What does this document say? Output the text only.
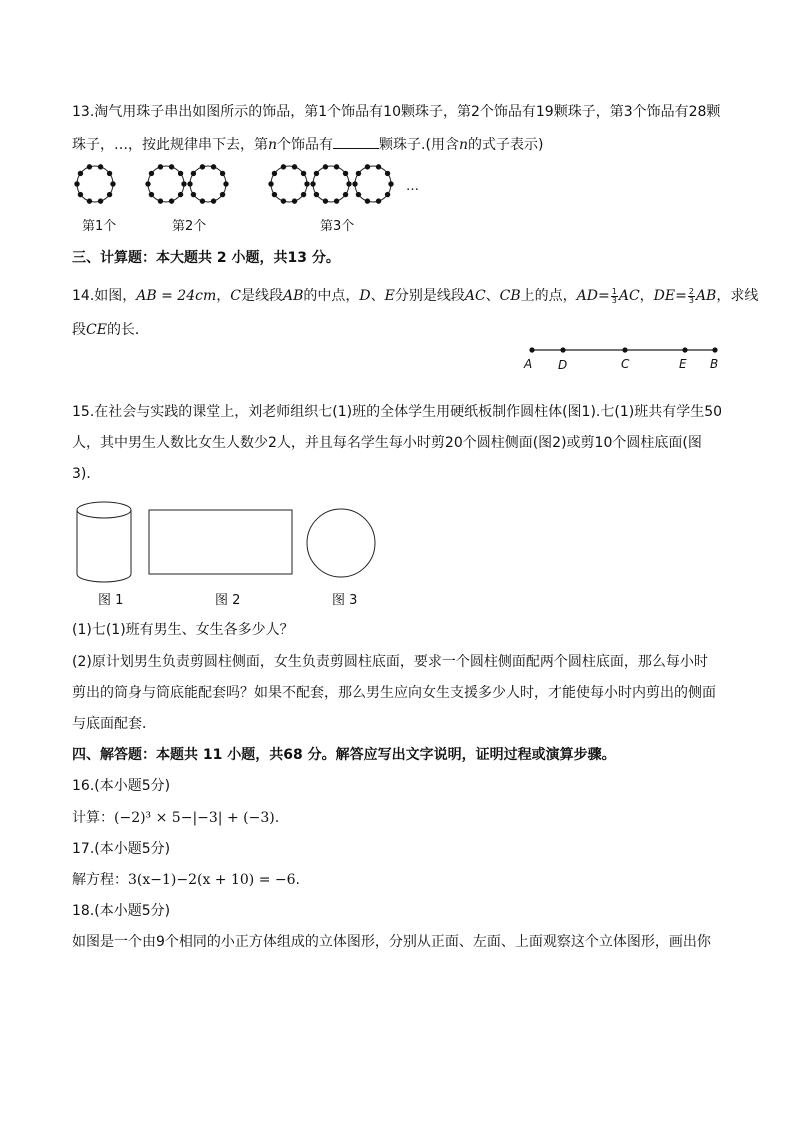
13.淘气用珠子串出如图所示的饰品，第1个饰品有10颗珠子，第2个饰品有19颗珠子，第3个饰品有28颗
珠子，…，按此规律串下去，第n个饰品有	颗珠子.(用含n的式子表示)
…
第1个	第2个	第3个
三、计算题：本大题共 2 小题，共13 分。
14.如图，AB = 24cm，C是线段AB的中点，D、E分别是线段AC、CB上的点，$AD= \frac{1}{3}$ AC，$DE= \frac{2}{3}$ AB，求线
段CE的长．
A D	C	E B
15.在社会与实践的课堂上，刘老师组织七(1)班的全体学生用硬纸板制作圆柱体(图1).七(1)班共有学生50
人，其中男生人数比女生人数少2人，并且每名学生每小时剪20个圆柱侧面(图2)或剪10个圆柱底面(图
3)．
图 1	图 2	图 3
(1)七(1)班有男生、女生各多少人？
(2)原计划男生负责剪圆柱侧面，女生负责剪圆柱底面，要求一个圆柱侧面配两个圆柱底面，那么每小时
剪出的筒身与筒底能配套吗？如果不配套，那么男生应向女生支援多少人时，才能使每小时内剪出的侧面
与底面配套．
四、解答题：本题共 11 小题，共68 分。解答应写出文字说明，证明过程或演算步骤。
16.(本小题5分)
计算：(−2)³ × 5−|−3| + (−3).
17.(本小题5分)
解方程：3(x−1)−2(x + 10) = −6.
18.(本小题5分)
如图是一个由9个相同的小正方体组成的立体图形，分别从正面、左面、上面观察这个立体图形，画出你
